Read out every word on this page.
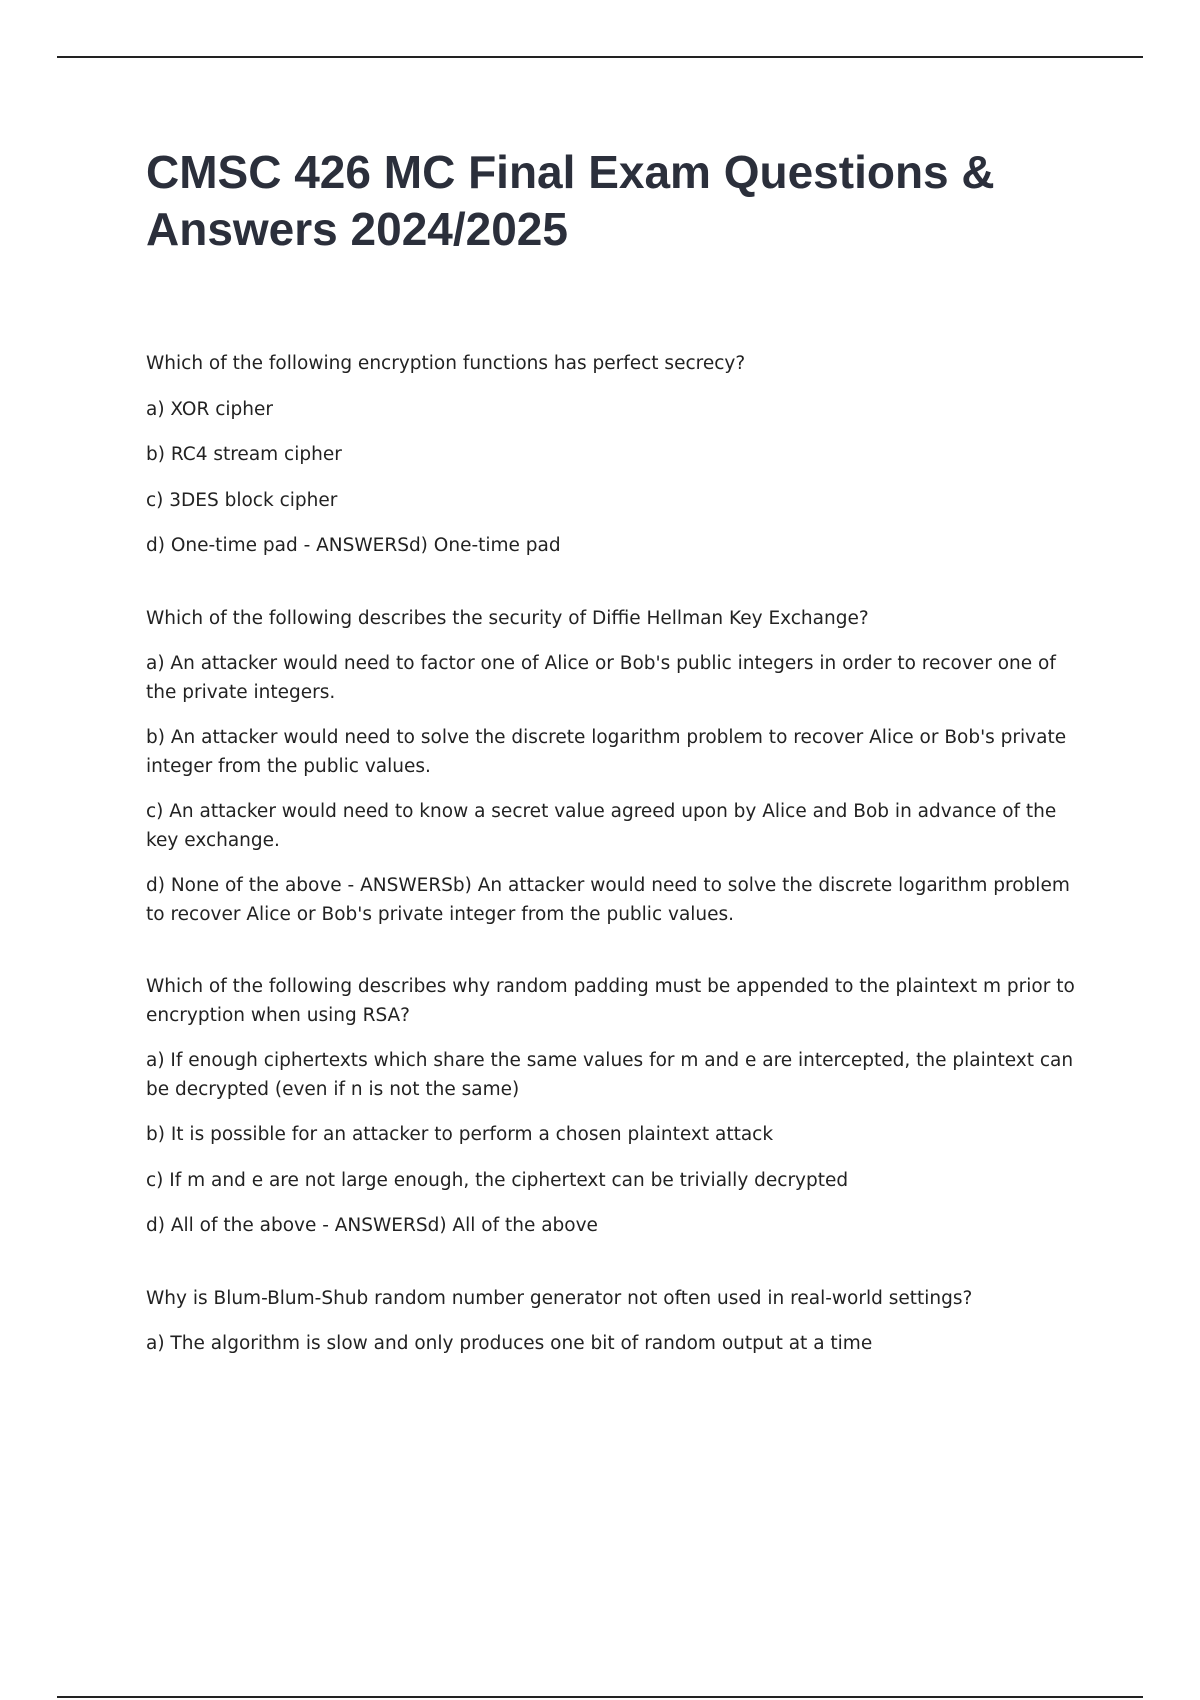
CMSC 426 MC Final Exam Questions & Answers 2024/2025

Which of the following encryption functions has perfect secrecy?

a) XOR cipher

b) RC4 stream cipher

c) 3DES block cipher

d) One-time pad - ANSWERSd) One-time pad

Which of the following describes the security of Diffie Hellman Key Exchange?

a) An attacker would need to factor one of Alice or Bob's public integers in order to recover one of the private integers.

b) An attacker would need to solve the discrete logarithm problem to recover Alice or Bob's private integer from the public values.

c) An attacker would need to know a secret value agreed upon by Alice and Bob in advance of the key exchange.

d) None of the above - ANSWERSb) An attacker would need to solve the discrete logarithm problem to recover Alice or Bob's private integer from the public values.

Which of the following describes why random padding must be appended to the plaintext m prior to encryption when using RSA?

a) If enough ciphertexts which share the same values for m and e are intercepted, the plaintext can be decrypted (even if n is not the same)

b) It is possible for an attacker to perform a chosen plaintext attack

c) If m and e are not large enough, the ciphertext can be trivially decrypted

d) All of the above - ANSWERSd) All of the above

Why is Blum-Blum-Shub random number generator not often used in real-world settings?

a) The algorithm is slow and only produces one bit of random output at a time
